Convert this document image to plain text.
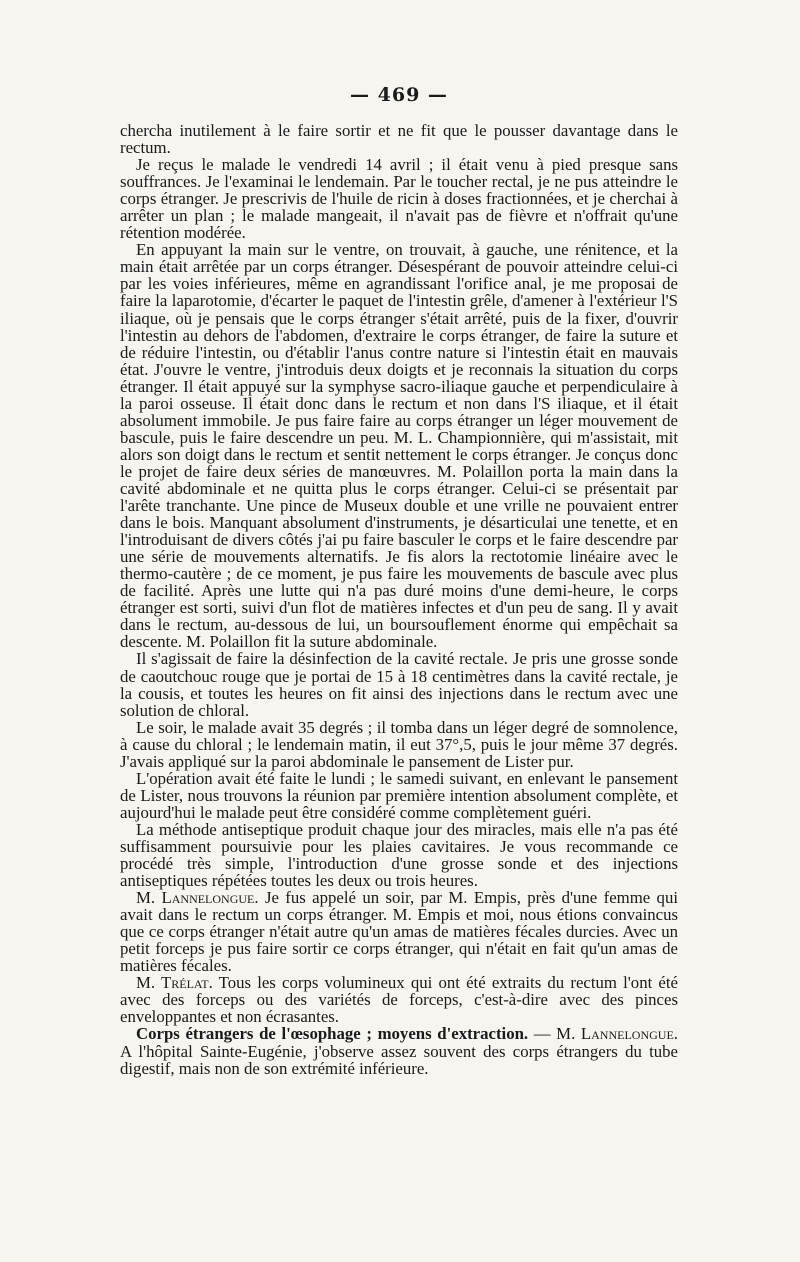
— 469 —

chercha inutilement à le faire sortir et ne fit que le pousser davantage dans le rectum.

Je reçus le malade le vendredi 14 avril ; il était venu à pied presque sans souffrances. Je l'examinai le lendemain. Par le toucher rectal, je ne pus atteindre le corps étranger. Je prescrivis de l'huile de ricin à doses fractionnées, et je cherchai à arrêter un plan ; le malade mangeait, il n'avait pas de fièvre et n'offrait qu'une rétention modérée.

En appuyant la main sur le ventre, on trouvait, à gauche, une rénitence, et la main était arrêtée par un corps étranger. Désespérant de pouvoir atteindre celui-ci par les voies inférieures, même en agrandissant l'orifice anal, je me proposai de faire la laparotomie, d'écarter le paquet de l'intestin grêle, d'amener à l'extérieur l'S iliaque, où je pensais que le corps étranger s'était arrêté, puis de la fixer, d'ouvrir l'intestin au dehors de l'abdomen, d'extraire le corps étranger, de faire la suture et de réduire l'intestin, ou d'établir l'anus contre nature si l'intestin était en mauvais état. J'ouvre le ventre, j'introduis deux doigts et je reconnais la situation du corps étranger. Il était appuyé sur la symphyse sacro-iliaque gauche et perpendiculaire à la paroi osseuse. Il était donc dans le rectum et non dans l'S iliaque, et il était absolument immobile. Je pus faire faire au corps étranger un léger mouvement de bascule, puis le faire descendre un peu. M. L. Championnière, qui m'assistait, mit alors son doigt dans le rectum et sentit nettement le corps étranger. Je conçus donc le projet de faire deux séries de manœuvres. M. Polaillon porta la main dans la cavité abdominale et ne quitta plus le corps étranger. Celui-ci se présentait par l'arête tranchante. Une pince de Museux double et une vrille ne pouvaient entrer dans le bois. Manquant absolument d'instruments, je désarticulai une tenette, et en l'introduisant de divers côtés j'ai pu faire basculer le corps et le faire descendre par une série de mouvements alternatifs. Je fis alors la rectotomie linéaire avec le thermo-cautère ; de ce moment, je pus faire les mouvements de bascule avec plus de facilité. Après une lutte qui n'a pas duré moins d'une demi-heure, le corps étranger est sorti, suivi d'un flot de matières infectes et d'un peu de sang. Il y avait dans le rectum, au-dessous de lui, un boursouflement énorme qui empêchait sa descente. M. Polaillon fit la suture abdominale.

Il s'agissait de faire la désinfection de la cavité rectale. Je pris une grosse sonde de caoutchouc rouge que je portai de 15 à 18 centimètres dans la cavité rectale, je la cousis, et toutes les heures on fit ainsi des injections dans le rectum avec une solution de chloral.

Le soir, le malade avait 35 degrés ; il tomba dans un léger degré de somnolence, à cause du chloral ; le lendemain matin, il eut 37°,5, puis le jour même 37 degrés. J'avais appliqué sur la paroi abdominale le pansement de Lister pur.

L'opération avait été faite le lundi ; le samedi suivant, en enlevant le pansement de Lister, nous trouvons la réunion par première intention absolument complète, et aujourd'hui le malade peut être considéré comme complètement guéri.

La méthode antiseptique produit chaque jour des miracles, mais elle n'a pas été suffisamment poursuivie pour les plaies cavitaires. Je vous recommande ce procédé très simple, l'introduction d'une grosse sonde et des injections antiseptiques répétées toutes les deux ou trois heures.

M. Lannelongue. Je fus appelé un soir, par M. Empis, près d'une femme qui avait dans le rectum un corps étranger. M. Empis et moi, nous étions convaincus que ce corps étranger n'était autre qu'un amas de matières fécales durcies. Avec un petit forceps je pus faire sortir ce corps étranger, qui n'était en fait qu'un amas de matières fécales.

M. Trélat. Tous les corps volumineux qui ont été extraits du rectum l'ont été avec des forceps ou des variétés de forceps, c'est-à-dire avec des pinces enveloppantes et non écrasantes.

Corps étrangers de l'œsophage ; moyens d'extraction. — M. Lannelongue. A l'hôpital Sainte-Eugénie, j'observe assez souvent des corps étrangers du tube digestif, mais non de son extrémité inférieure.
